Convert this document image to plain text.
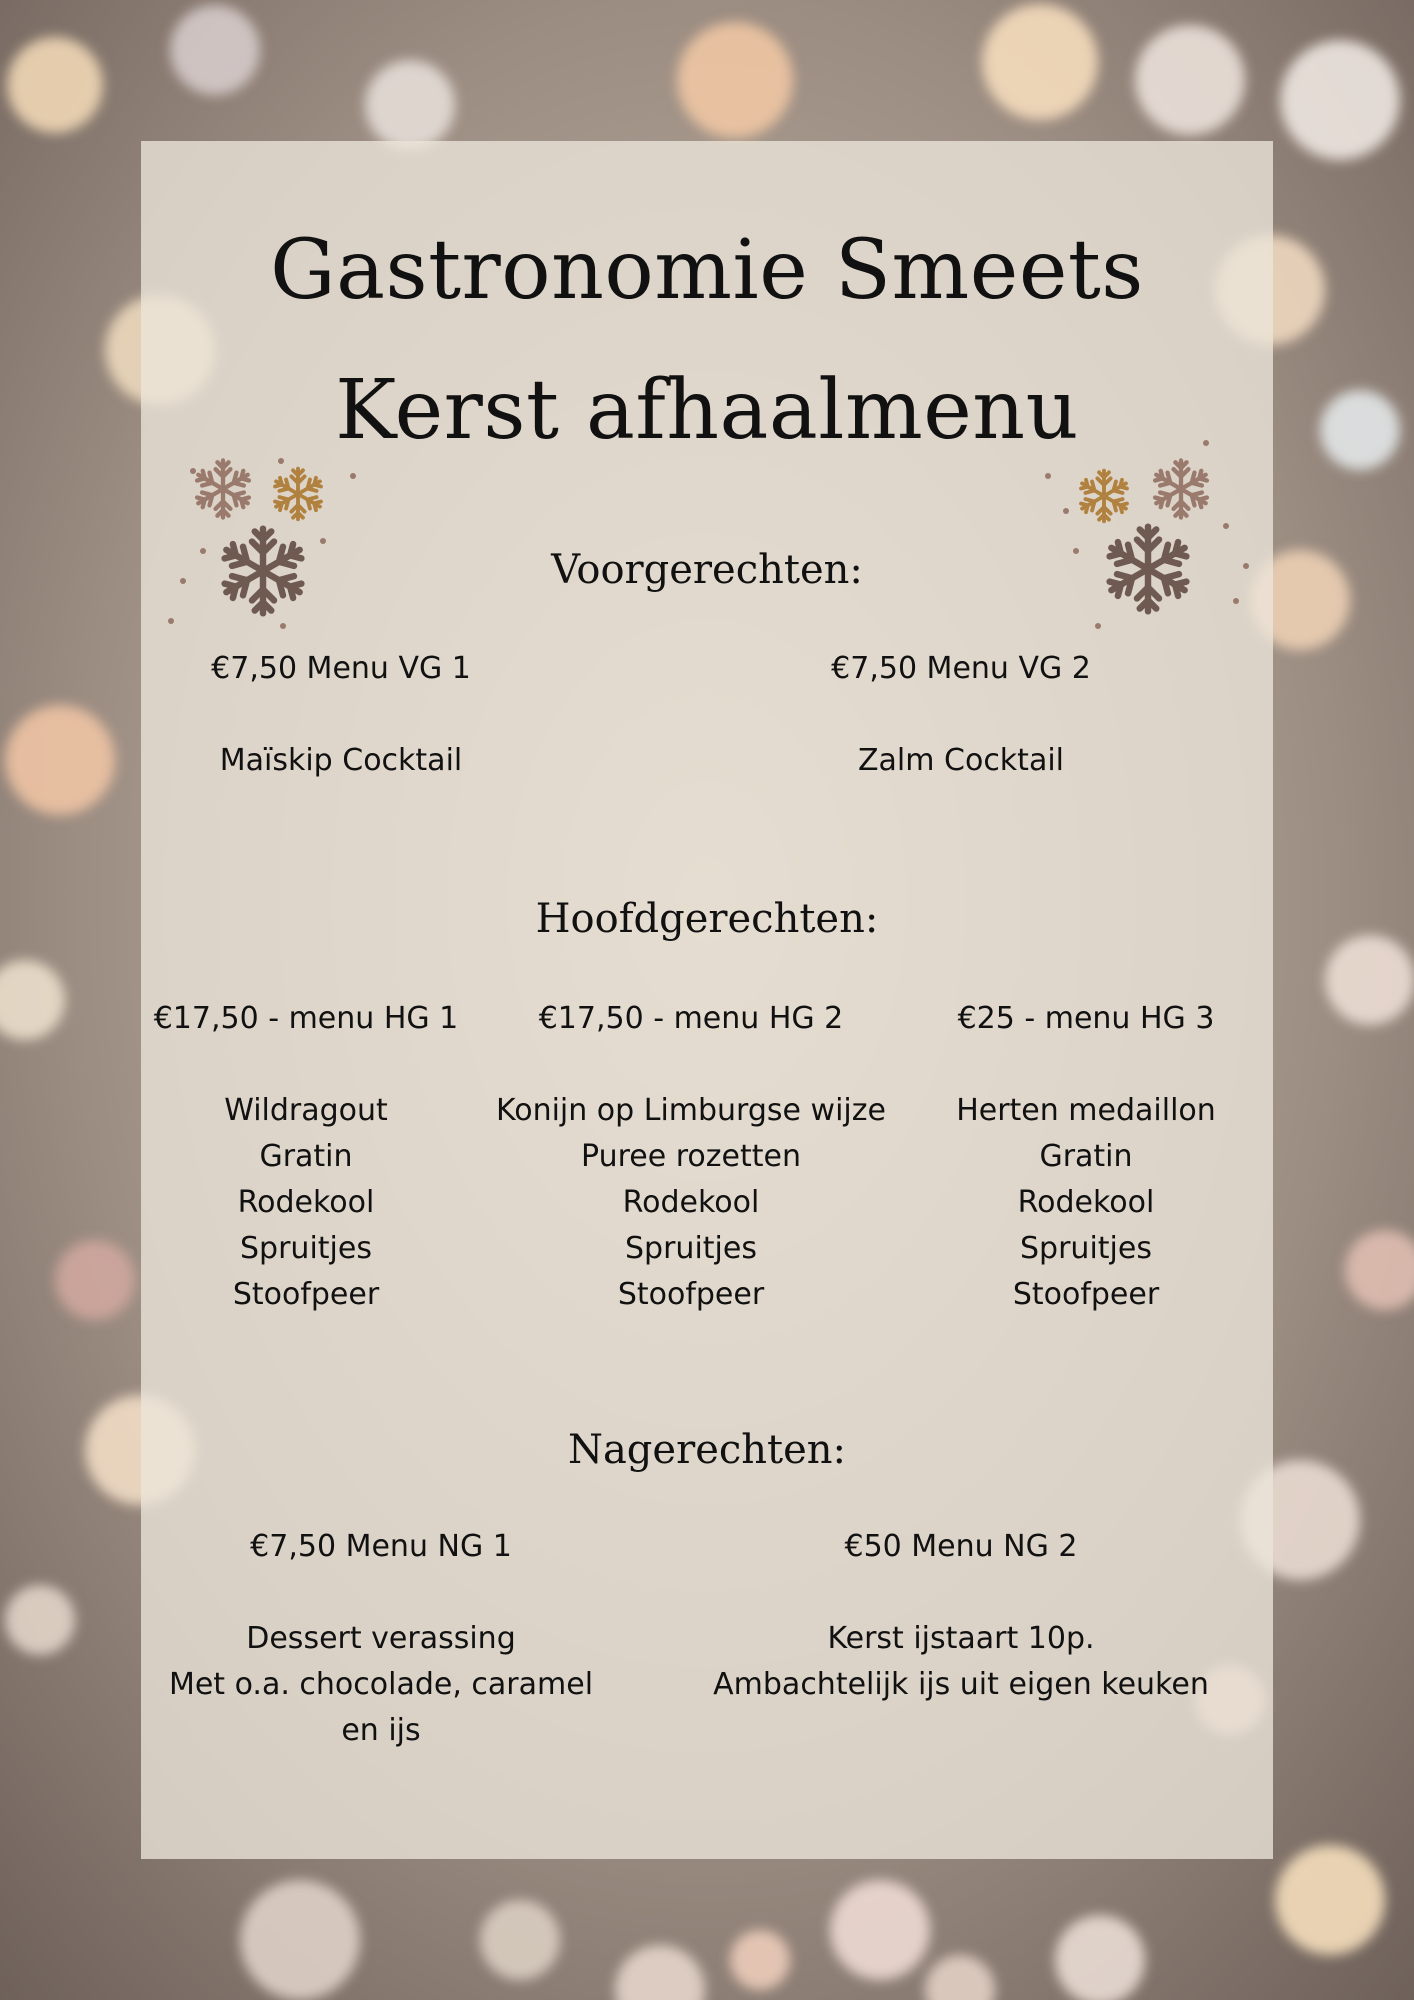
Gastronomie Smeets
Kerst afhaalmenu
Voorgerechten:
€7,50 Menu VG 1
Maïskip Cocktail
€7,50 Menu VG 2
Zalm Cocktail
Hoofdgerechten:
€17,50 - menu HG 1
Wildragout
Gratin
Rodekool
Spruitjes
Stoofpeer
€17,50 - menu HG 2
Konijn op Limburgse wijze
Puree rozetten
Rodekool
Spruitjes
Stoofpeer
€25 - menu HG 3
Herten medaillon
Gratin
Rodekool
Spruitjes
Stoofpeer
Nagerechten:
€7,50 Menu NG 1
Dessert verassing
Met o.a. chocolade, caramel
en ijs
€50 Menu NG 2
Kerst ijstaart 10p.
Ambachtelijk ijs uit eigen keuken
